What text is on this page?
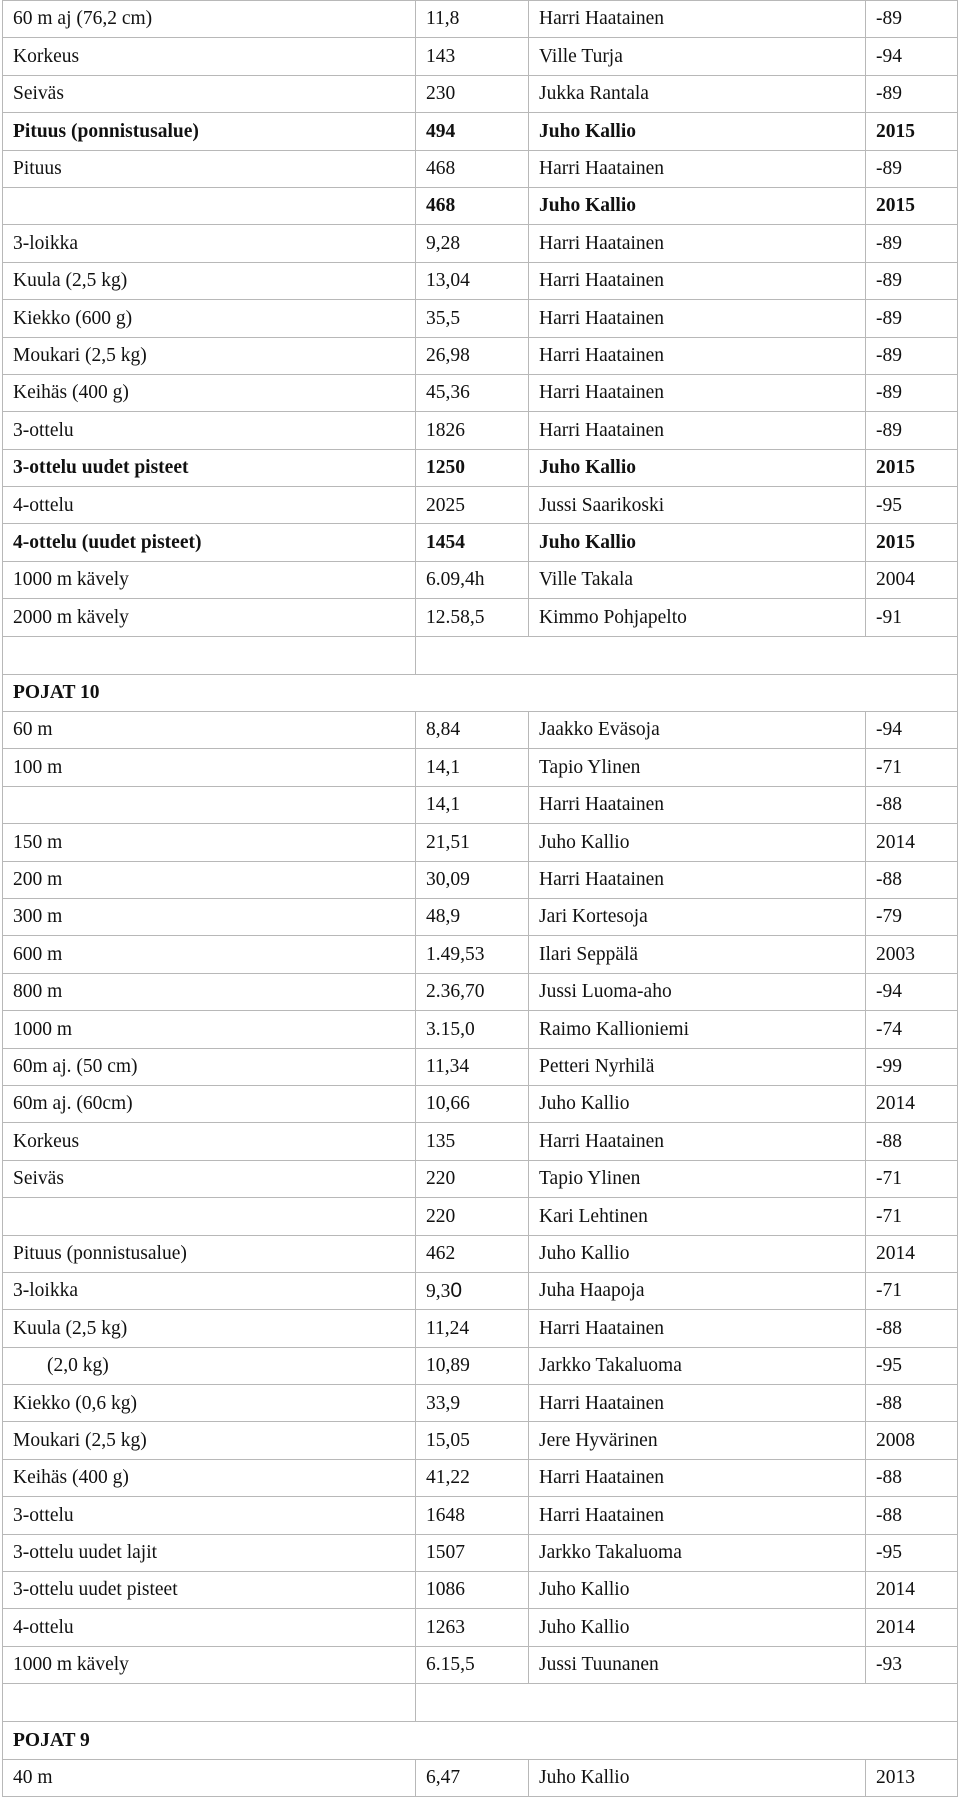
60 m aj (76,2 cm)	11,8	Harri Haatainen	-89
Korkeus	143	Ville Turja	-94
Seiväs	230	Jukka Rantala	-89
Pituus (ponnistusalue)	494	Juho Kallio	2015
Pituus	468	Harri Haatainen	-89
	468	Juho Kallio	2015
3-loikka	9,28	Harri Haatainen	-89
Kuula (2,5 kg)	13,04	Harri Haatainen	-89
Kiekko (600 g)	35,5	Harri Haatainen	-89
Moukari (2,5 kg)	26,98	Harri Haatainen	-89
Keihäs (400 g)	45,36	Harri Haatainen	-89
3-ottelu	1826	Harri Haatainen	-89
3-ottelu uudet pisteet	1250	Juho Kallio	2015
4-ottelu	2025	Jussi Saarikoski	-95
4-ottelu (uudet pisteet)	1454	Juho Kallio	2015
1000 m kävely	6.09,4h	Ville Takala	2004
2000 m kävely	12.58,5	Kimmo Pohjapelto	-91

POJAT 10			
60 m	8,84	Jaakko Eväsoja	-94
100 m	14,1	Tapio Ylinen	-71
	14,1	Harri Haatainen	-88
150 m	21,51	Juho Kallio	2014
200 m	30,09	Harri Haatainen	-88
300 m	48,9	Jari Kortesoja	-79
600 m	1.49,53	Ilari Seppälä	2003
800 m	2.36,70	Jussi Luoma-aho	-94
1000 m	3.15,0	Raimo Kallioniemi	-74
60m aj. (50 cm)	11,34	Petteri Nyrhilä	-99
60m aj. (60cm)	10,66	Juho Kallio	2014
Korkeus	135	Harri Haatainen	-88
Seiväs	220	Tapio Ylinen	-71
	220	Kari Lehtinen	-71
Pituus (ponnistusalue)	462	Juho Kallio	2014
3-loikka	9,30	Juha Haapoja	-71
Kuula (2,5 kg)	11,24	Harri Haatainen	-88
(2,0 kg)	10,89	Jarkko Takaluoma	-95
Kiekko (0,6 kg)	33,9	Harri Haatainen	-88
Moukari (2,5 kg)	15,05	Jere Hyvärinen	2008
Keihäs (400 g)	41,22	Harri Haatainen	-88
3-ottelu	1648	Harri Haatainen	-88
3-ottelu uudet lajit	1507	Jarkko Takaluoma	-95
3-ottelu uudet pisteet	1086	Juho Kallio	2014
4-ottelu	1263	Juho Kallio	2014
1000 m kävely	6.15,5	Jussi Tuunanen	-93

POJAT 9			
40 m	6,47	Juho Kallio	2013
